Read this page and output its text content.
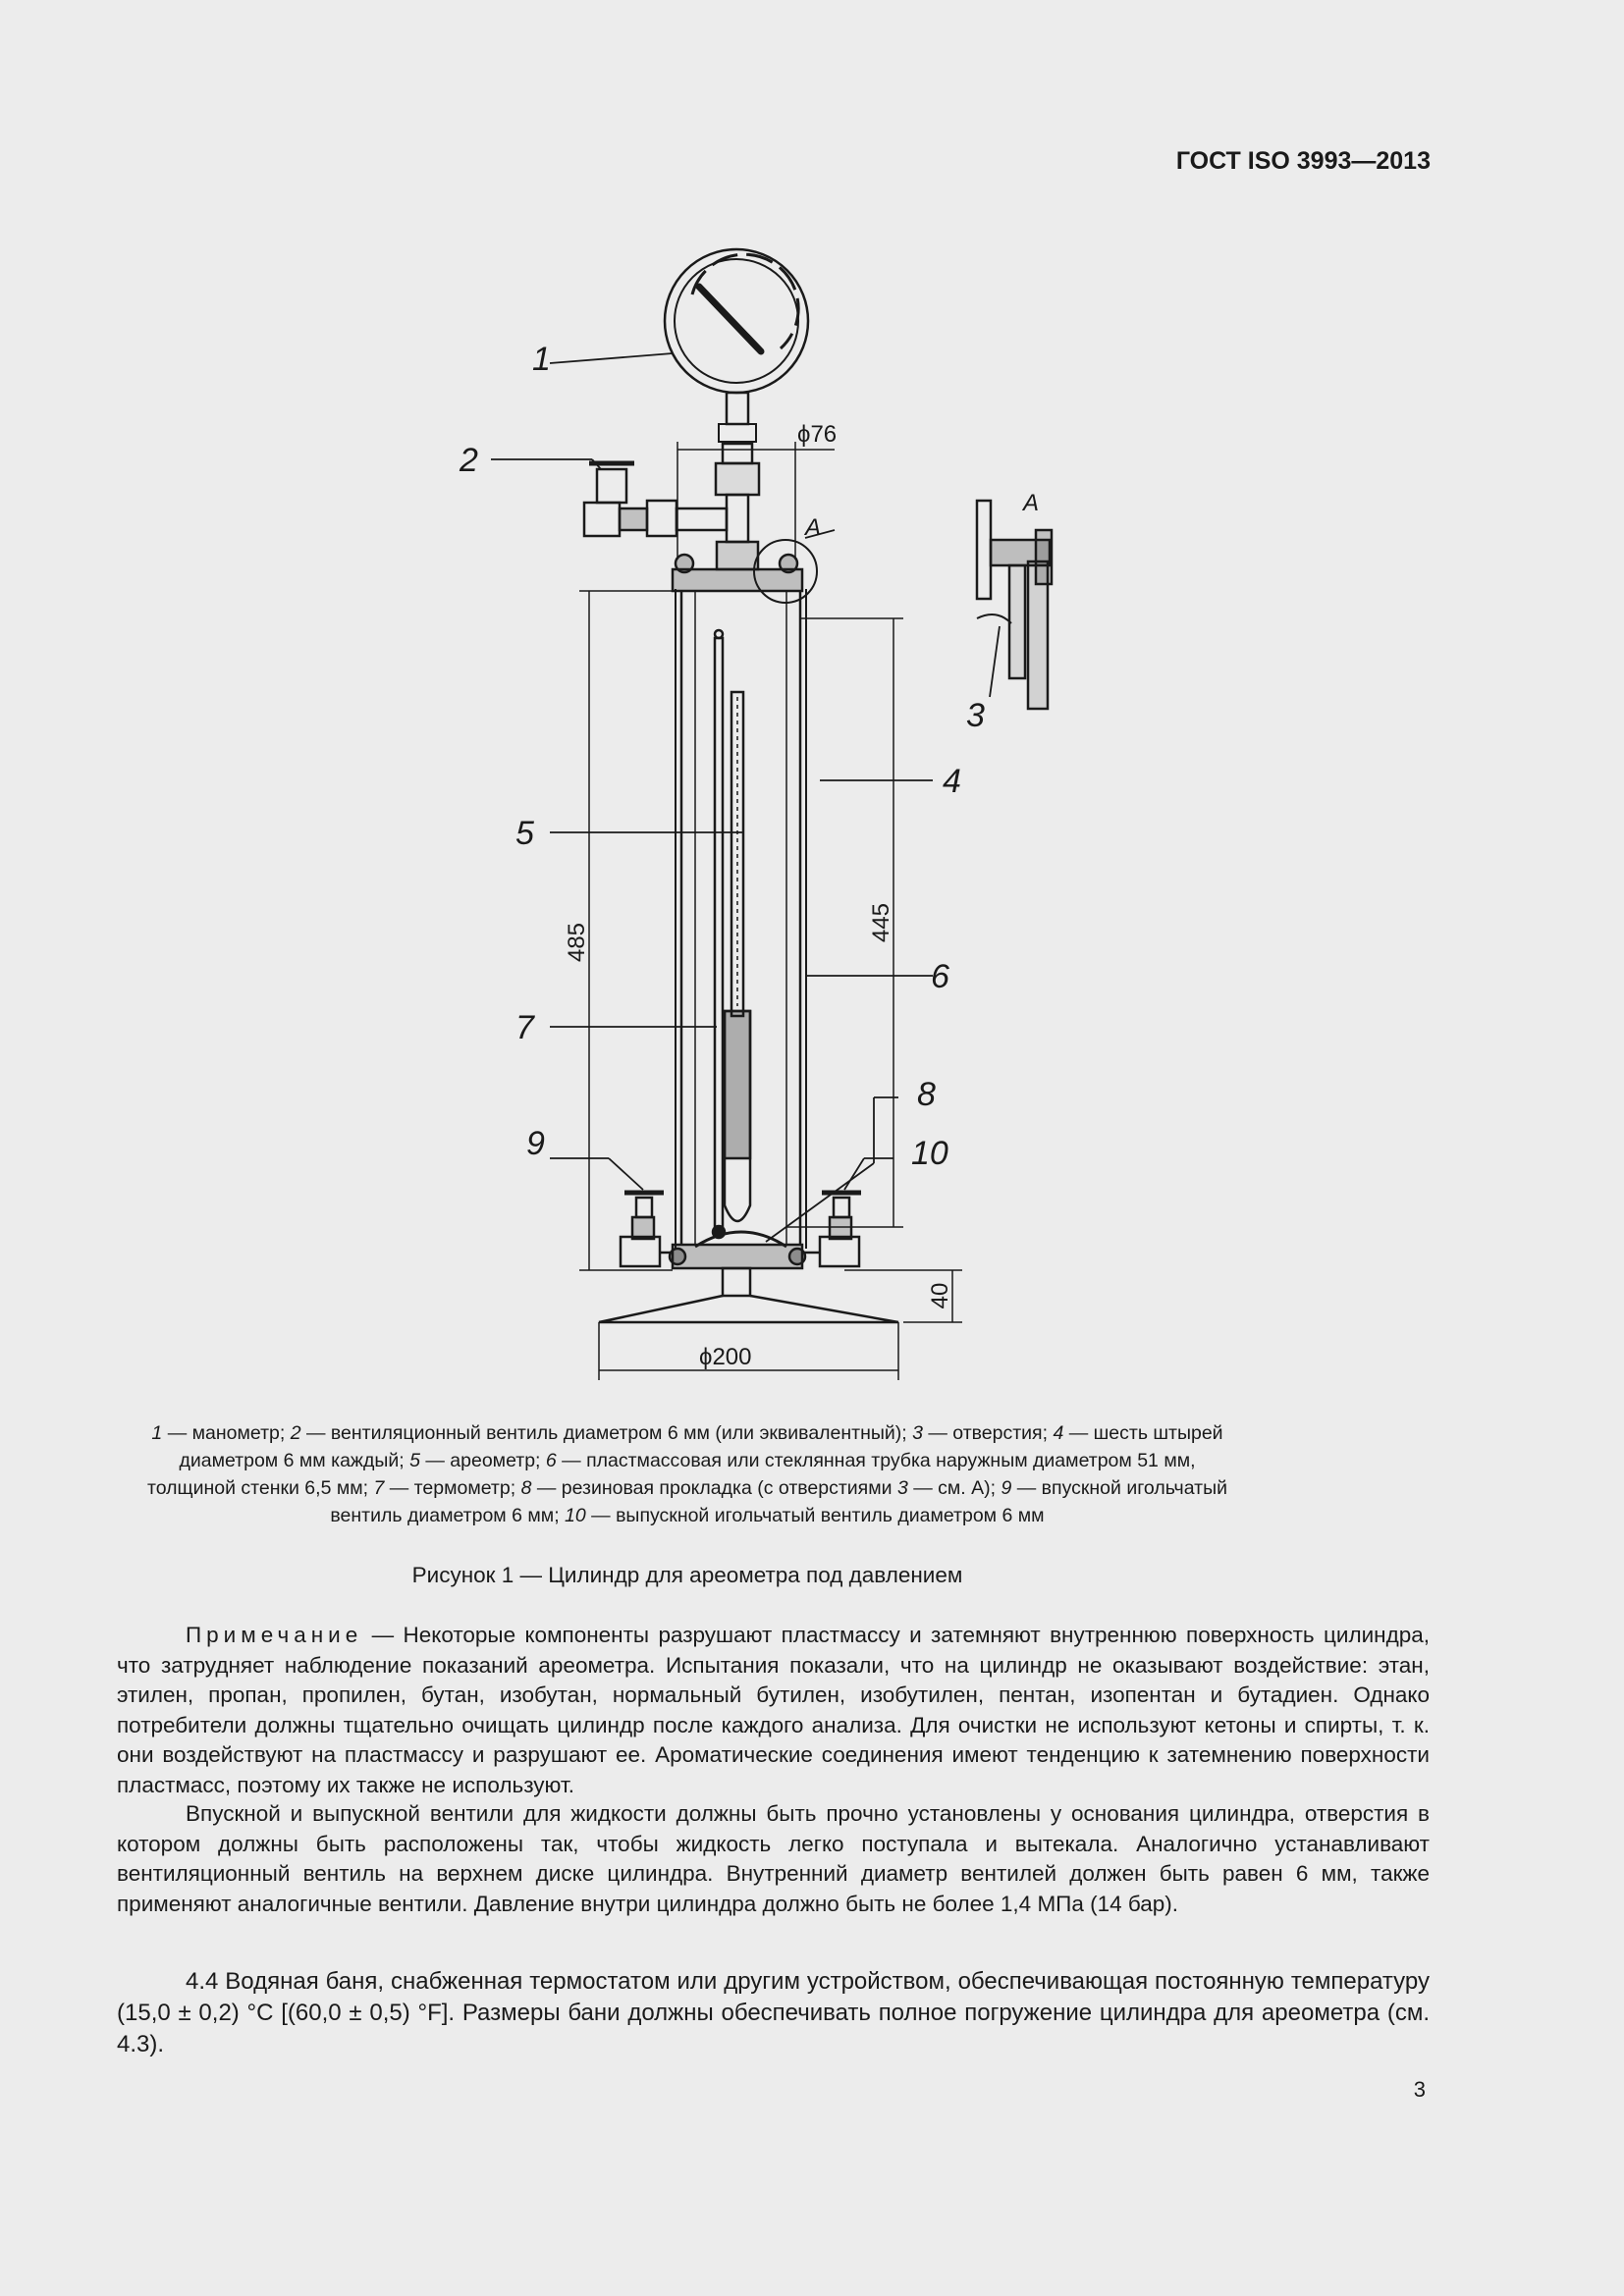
ГОСТ ISO 3993—2013
1
2
3
4
5
6
7
8
9	10
А
А
ϕ76
ϕ200
485	445
40
1 — манометр; 2 — вентиляционный вентиль диаметром 6 мм (или эквивалентный); 3 — отверстия; 4 — шесть штырей диаметром 6 мм каждый; 5 — ареометр; 6 — пластмассовая или стеклянная трубка наружным диаметром 51 мм, толщиной стенки 6,5 мм; 7 — термометр; 8 — резиновая прокладка (с отверстиями 3 — см. А); 9 — впускной игольчатый вентиль диаметром 6 мм; 10 — выпускной игольчатый вентиль диаметром 6 мм
Рисунок 1 — Цилиндр для ареометра под давлением

Примечание — Некоторые компоненты разрушают пластмассу и затемняют внутреннюю поверхность цилиндра, что затрудняет наблюдение показаний ареометра. Испытания показали, что на цилиндр не оказывают воздействие: этан, этилен, пропан, пропилен, бутан, изобутан, нормальный бутилен, изобутилен, пентан, изопентан и бутадиен. Однако потребители должны тщательно очищать цилиндр после каждого анализа. Для очистки не используют кетоны и спирты, т. к. они воздействуют на пластмассу и разрушают ее. Ароматические соединения имеют тенденцию к затемнению поверхности пластмасс, поэтому их также не используют.

Впускной и выпускной вентили для жидкости должны быть прочно установлены у основания цилиндра, отверстия в котором должны быть расположены так, чтобы жидкость легко поступала и вытекала. Аналогично устанавливают вентиляционный вентиль на верхнем диске цилиндра. Внутренний диаметр вентилей должен быть равен 6 мм, также применяют аналогичные вентили. Давление внутри цилиндра должно быть не более 1,4 МПа (14 бар).

4.4 Водяная баня, снабженная термостатом или другим устройством, обеспечивающая постоянную температуру (15,0 ± 0,2) °С [(60,0 ± 0,5) °F]. Размеры бани должны обеспечивать полное погружение цилиндра для ареометра (см. 4.3).

3
